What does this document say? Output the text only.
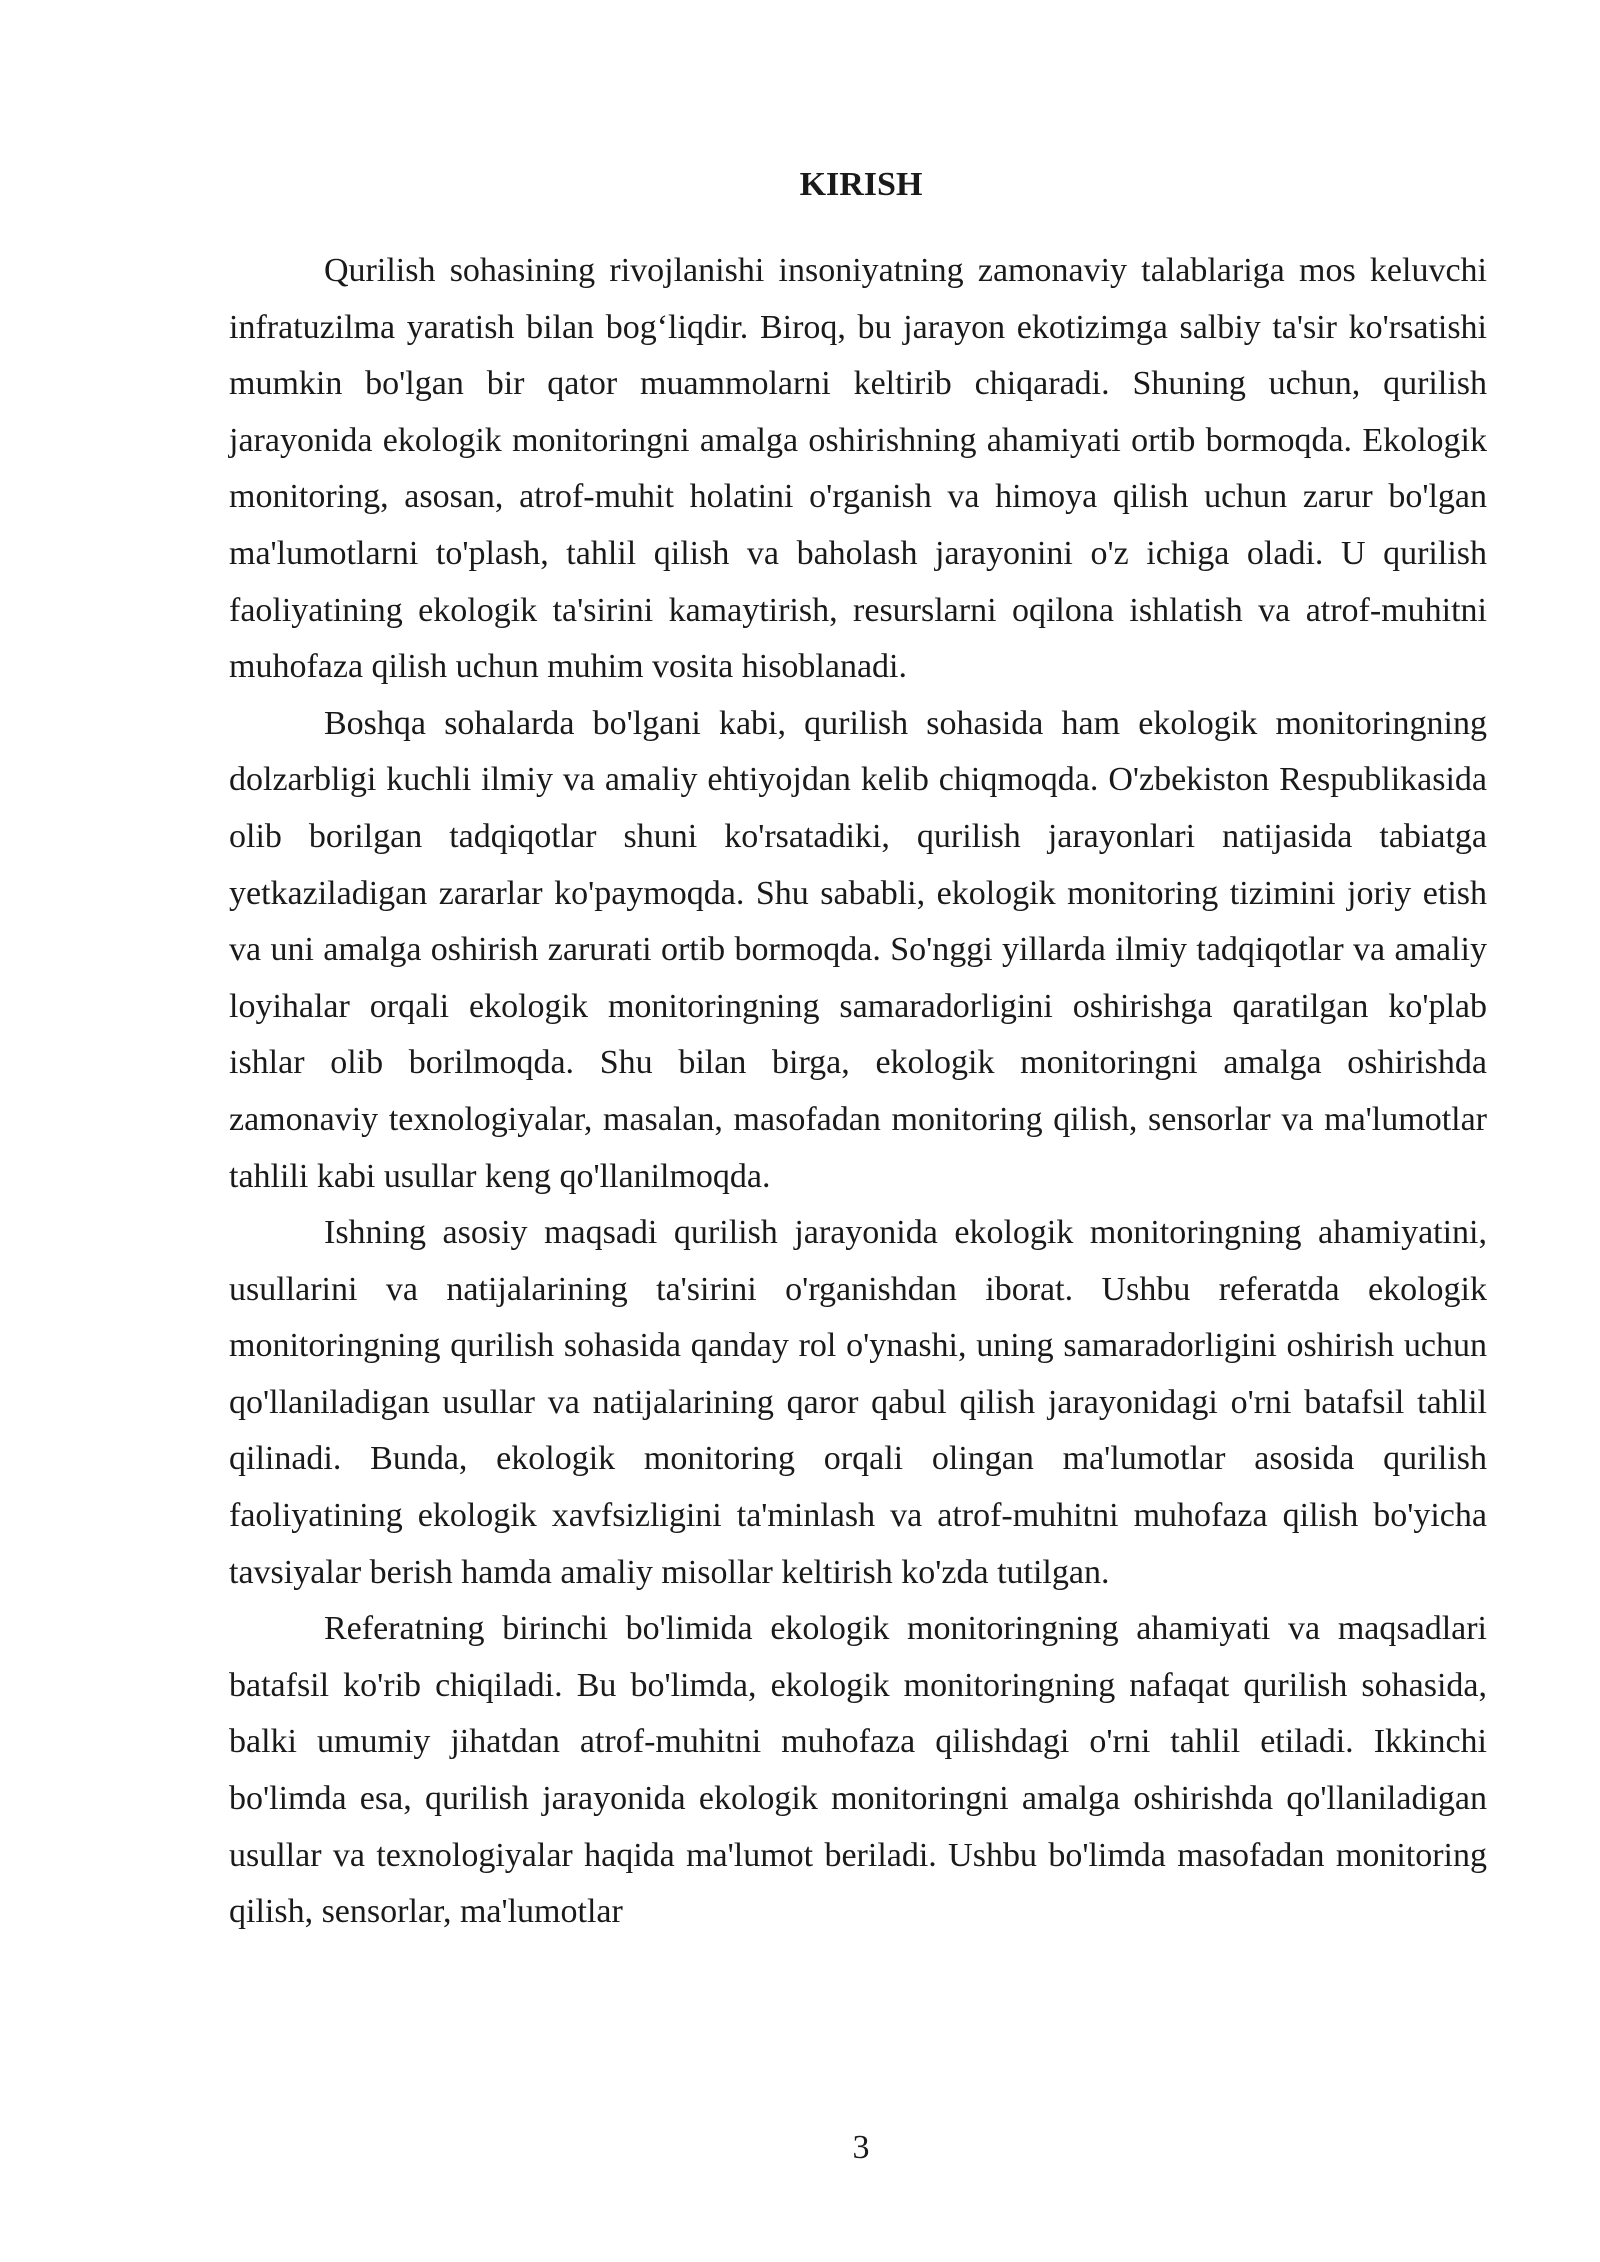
KIRISH

Qurilish sohasining rivojlanishi insoniyatning zamonaviy talablariga mos keluvchi infratuzilma yaratish bilan bog‘liqdir. Biroq, bu jarayon ekotizimga salbiy ta'sir ko'rsatishi mumkin bo'lgan bir qator muammolarni keltirib chiqaradi. Shuning uchun, qurilish jarayonida ekologik monitoringni amalga oshirishning ahamiyati ortib bormoqda. Ekologik monitoring, asosan, atrof-muhit holatini o'rganish va himoya qilish uchun zarur bo'lgan ma'lumotlarni to'plash, tahlil qilish va baholash jarayonini o'z ichiga oladi. U qurilish faoliyatining ekologik ta'sirini kamaytirish, resurslarni oqilona ishlatish va atrof-muhitni muhofaza qilish uchun muhim vosita hisoblanadi.

Boshqa sohalarda bo'lgani kabi, qurilish sohasida ham ekologik monitoringning dolzarbligi kuchli ilmiy va amaliy ehtiyojdan kelib chiqmoqda. O'zbekiston Respublikasida olib borilgan tadqiqotlar shuni ko'rsatadiki, qurilish jarayonlari natijasida tabiatga yetkaziladigan zararlar ko'paymoqda. Shu sababli, ekologik monitoring tizimini joriy etish va uni amalga oshirish zarurati ortib bormoqda. So'nggi yillarda ilmiy tadqiqotlar va amaliy loyihalar orqali ekologik monitoringning samaradorligini oshirishga qaratilgan ko'plab ishlar olib borilmoqda. Shu bilan birga, ekologik monitoringni amalga oshirishda zamonaviy texnologiyalar, masalan, masofadan monitoring qilish, sensorlar va ma'lumotlar tahlili kabi usullar keng qo'llanilmoqda.

Ishning asosiy maqsadi qurilish jarayonida ekologik monitoringning ahamiyatini, usullarini va natijalarining ta'sirini o'rganishdan iborat. Ushbu referatda ekologik monitoringning qurilish sohasida qanday rol o'ynashi, uning samaradorligini oshirish uchun qo'llaniladigan usullar va natijalarining qaror qabul qilish jarayonidagi o'rni batafsil tahlil qilinadi. Bunda, ekologik monitoring orqali olingan ma'lumotlar asosida qurilish faoliyatining ekologik xavfsizligini ta'minlash va atrof-muhitni muhofaza qilish bo'yicha tavsiyalar berish hamda amaliy misollar keltirish ko'zda tutilgan.

Referatning birinchi bo'limida ekologik monitoringning ahamiyati va maqsadlari batafsil ko'rib chiqiladi. Bu bo'limda, ekologik monitoringning nafaqat qurilish sohasida, balki umumiy jihatdan atrof-muhitni muhofaza qilishdagi o'rni tahlil etiladi. Ikkinchi bo'limda esa, qurilish jarayonida ekologik monitoringni amalga oshirishda qo'llaniladigan usullar va texnologiyalar haqida ma'lumot beriladi. Ushbu bo'limda masofadan monitoring qilish, sensorlar, ma'lumotlar

3
